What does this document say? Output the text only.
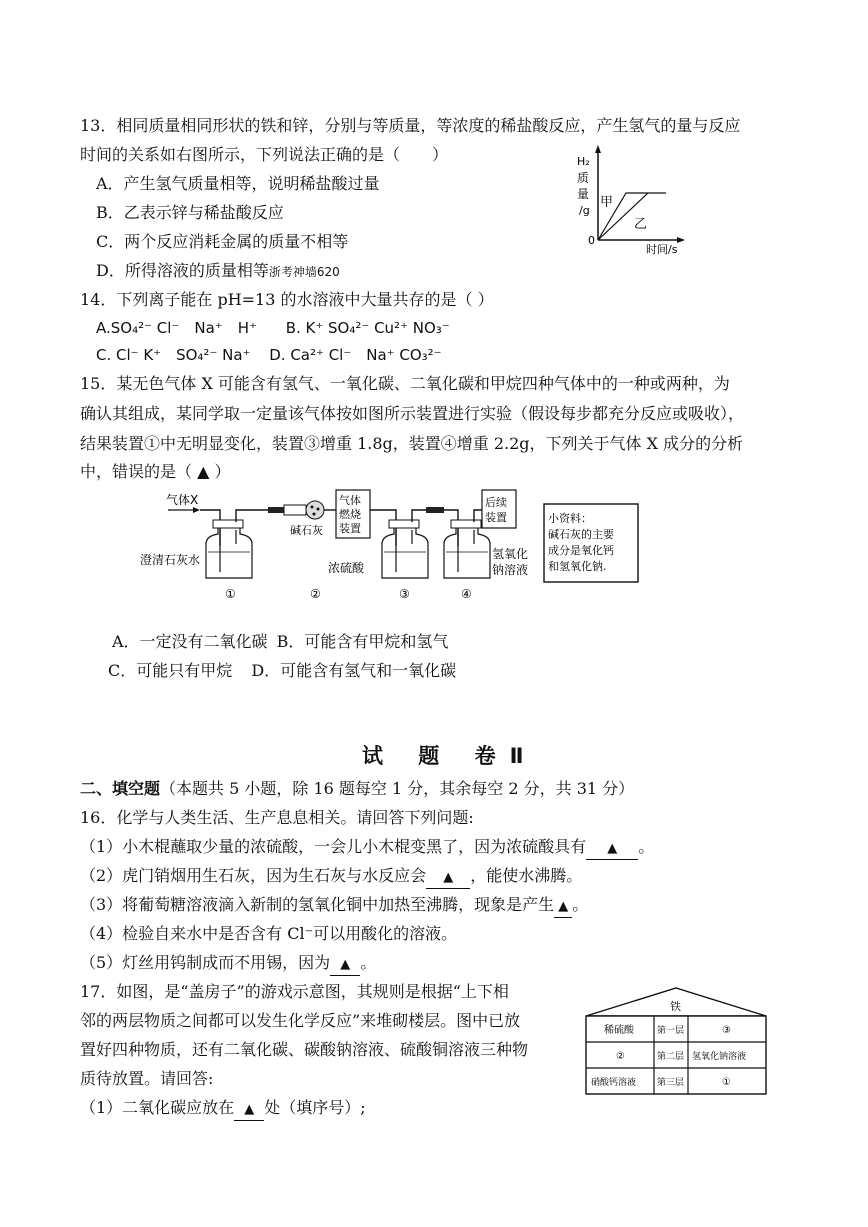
13．相同质量相同形状的铁和锌，分别与等质量，等浓度的稀盐酸反应，产生氢气的量与反应
时间的关系如右图所示，下列说法正确的是（　　）
A．产生氢气质量相等，说明稀盐酸过量
B．乙表示锌与稀盐酸反应
C．两个反应消耗金属的质量不相等
D．所得溶液的质量相等浙考神墙620
H₂
质
量
/g
0
时间/s
甲
乙
14．下列离子能在 pH=13 的水溶液中大量共存的是（ ）
A.SO₄²⁻ Cl⁻　Na⁺　H⁺ B. K⁺ SO₄²⁻ Cu²⁺ NO₃⁻
C. Cl⁻ K⁺　SO₄²⁻ Na⁺ D. Ca²⁺ Cl⁻　Na⁺ CO₃²⁻
15．某无色气体 X 可能含有氢气、一氧化碳、二氧化碳和甲烷四种气体中的一种或两种，为
确认其组成，某同学取一定量该气体按如图所示装置进行实验（假设每步都充分反应或吸收），
结果装置①中无明显变化，装置③增重 1.8g，装置④增重 2.2g，下列关于气体 X 成分的分析
中，错误的是（ ▲ ）
气体X
碱石灰
气体
燃烧
装置
后续
装置
澄清石灰水
浓硫酸
氢氧化
钠溶液
①	②	③	④
小资料：
碱石灰的主要
成分是氧化钙
和氢氧化钠.
A．一定没有二氧化碳 B．可能含有甲烷和氢气
C．可能只有甲烷 D．可能含有氢气和一氧化碳
试 题 卷Ⅱ
二、填空题（本题共 5 小题，除 16 题每空 1 分，其余每空 2 分，共 31 分）
16．化学与人类生活、生产息息相关。请回答下列问题:
（1）小木棍蘸取少量的浓硫酸，一会儿小木棍变黑了，因为浓硫酸具有 ▲ 。
（2）虎门销烟用生石灰，因为生石灰与水反应会 ▲ ，能使水沸腾。
（3）将葡萄糖溶液滴入新制的氢氧化铜中加热至沸腾，现象是产生 ▲ 。
（4）检验自来水中是否含有 Cl⁻可以用酸化的溶液。
（5）灯丝用钨制成而不用锡，因为 ▲ 。
17．如图，是“盖房子”的游戏示意图，其规则是根据“上下相
邻的两层物质之间都可以发生化学反应”来堆砌楼层。图中已放
置好四种物质，还有二氧化碳、碳酸钠溶液、硫酸铜溶液三种物
质待放置。请回答:
（1）二氧化碳应放在 ▲ 处（填序号）;
铁
稀硫酸	第一层	③
②	第二层 氢氧化钠溶液
硝酸钙溶液 第三层	①
